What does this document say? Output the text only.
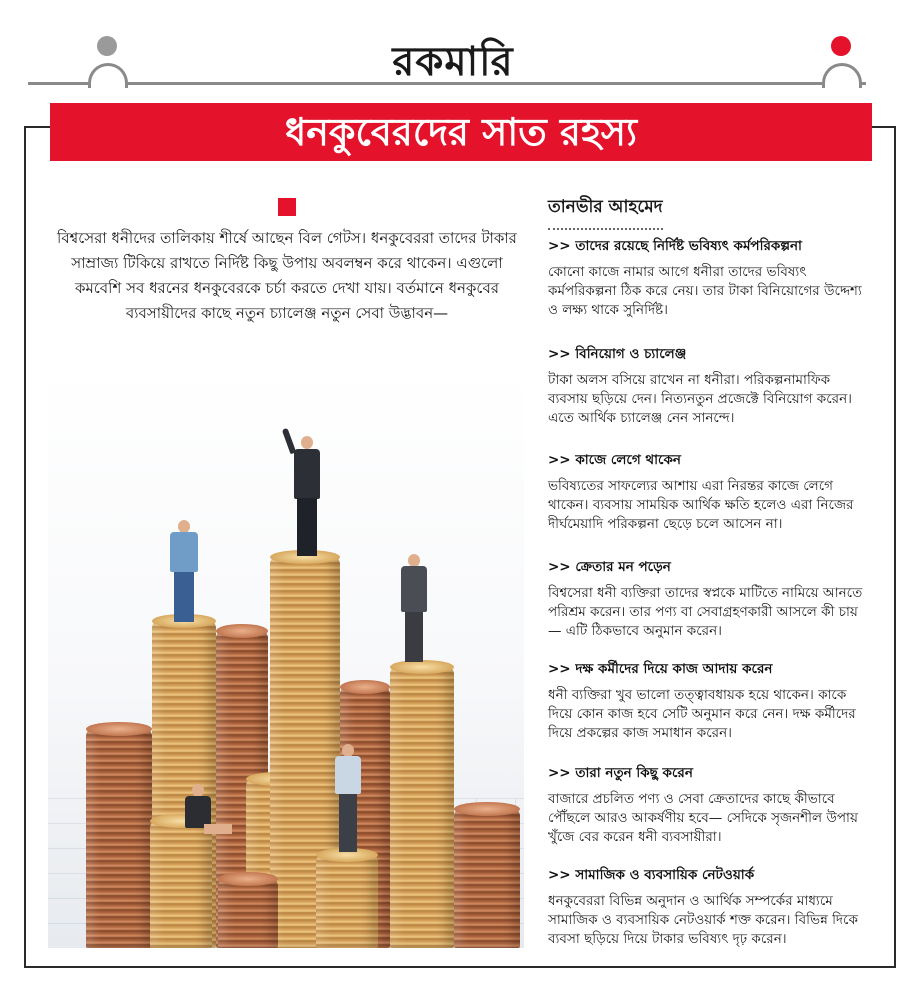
রকমারি
ধনকুবেরদের সাত রহস্য
বিশ্বসেরা ধনীদের তালিকায় শীর্ষে আছেন বিল গেটস। ধনকুবেররা তাদের টাকার সাম্রাজ্য টিকিয়ে রাখতে নির্দিষ্ট কিছু উপায় অবলম্বন করে থাকেন। এগুলো কমবেশি সব ধরনের ধনকুবেরকে চর্চা করতে দেখা যায়। বর্তমানে ধনকুবের ব্যবসায়ীদের কাছে নতুন চ্যালেঞ্জ নতুন সেবা উদ্ভাবন—
তানভীর আহমেদ
>> তাদের রয়েছে নির্দিষ্ট ভবিষ্যৎ কর্মপরিকল্পনা
কোনো কাজে নামার আগে ধনীরা তাদের ভবিষ্যৎ কর্মপরিকল্পনা ঠিক করে নেয়। তার টাকা বিনিয়োগের উদ্দেশ্য ও লক্ষ্য থাকে সুনির্দিষ্ট।
>> বিনিয়োগ ও চ্যালেঞ্জ
টাকা অলস বসিয়ে রাখেন না ধনীরা। পরিকল্পনামাফিক ব্যবসায় ছড়িয়ে দেন। নিত্যনতুন প্রজেক্টে বিনিয়োগ করেন। এতে আর্থিক চ্যালেঞ্জ নেন সানন্দে।
>> কাজে লেগে থাকেন
ভবিষ্যতের সাফল্যের আশায় এরা নিরন্তর কাজে লেগে থাকেন। ব্যবসায় সাময়িক আর্থিক ক্ষতি হলেও এরা নিজের দীর্ঘমেয়াদি পরিকল্পনা ছেড়ে চলে আসেন না।
>> ক্রেতার মন পড়েন
বিশ্বসেরা ধনী ব্যক্তিরা তাদের স্বপ্নকে মাটিতে নামিয়ে আনতে পরিশ্রম করেন। তার পণ্য বা সেবাগ্রহণকারী আসলে কী চায়— এটি ঠিকভাবে অনুমান করেন।
>> দক্ষ কর্মীদের দিয়ে কাজ আদায় করেন
ধনী ব্যক্তিরা খুব ভালো তত্ত্বাবধায়ক হয়ে থাকেন। কাকে দিয়ে কোন কাজ হবে সেটি অনুমান করে নেন। দক্ষ কর্মীদের দিয়ে প্রকল্পের কাজ সমাধান করেন।
>> তারা নতুন কিছু করেন
বাজারে প্রচলিত পণ্য ও সেবা ক্রেতাদের কাছে কীভাবে পৌঁছলে আরও আকর্ষণীয় হবে— সেদিকে সৃজনশীল উপায় খুঁজে বের করেন ধনী ব্যবসায়ীরা।
>> সামাজিক ও ব্যবসায়িক নেটওয়ার্ক
ধনকুবেররা বিভিন্ন অনুদান ও আর্থিক সম্পর্কের মাধ্যমে সামাজিক ও ব্যবসায়িক নেটওয়ার্ক শক্ত করেন। বিভিন্ন দিকে ব্যবসা ছড়িয়ে দিয়ে টাকার ভবিষ্যৎ দৃঢ় করেন।
